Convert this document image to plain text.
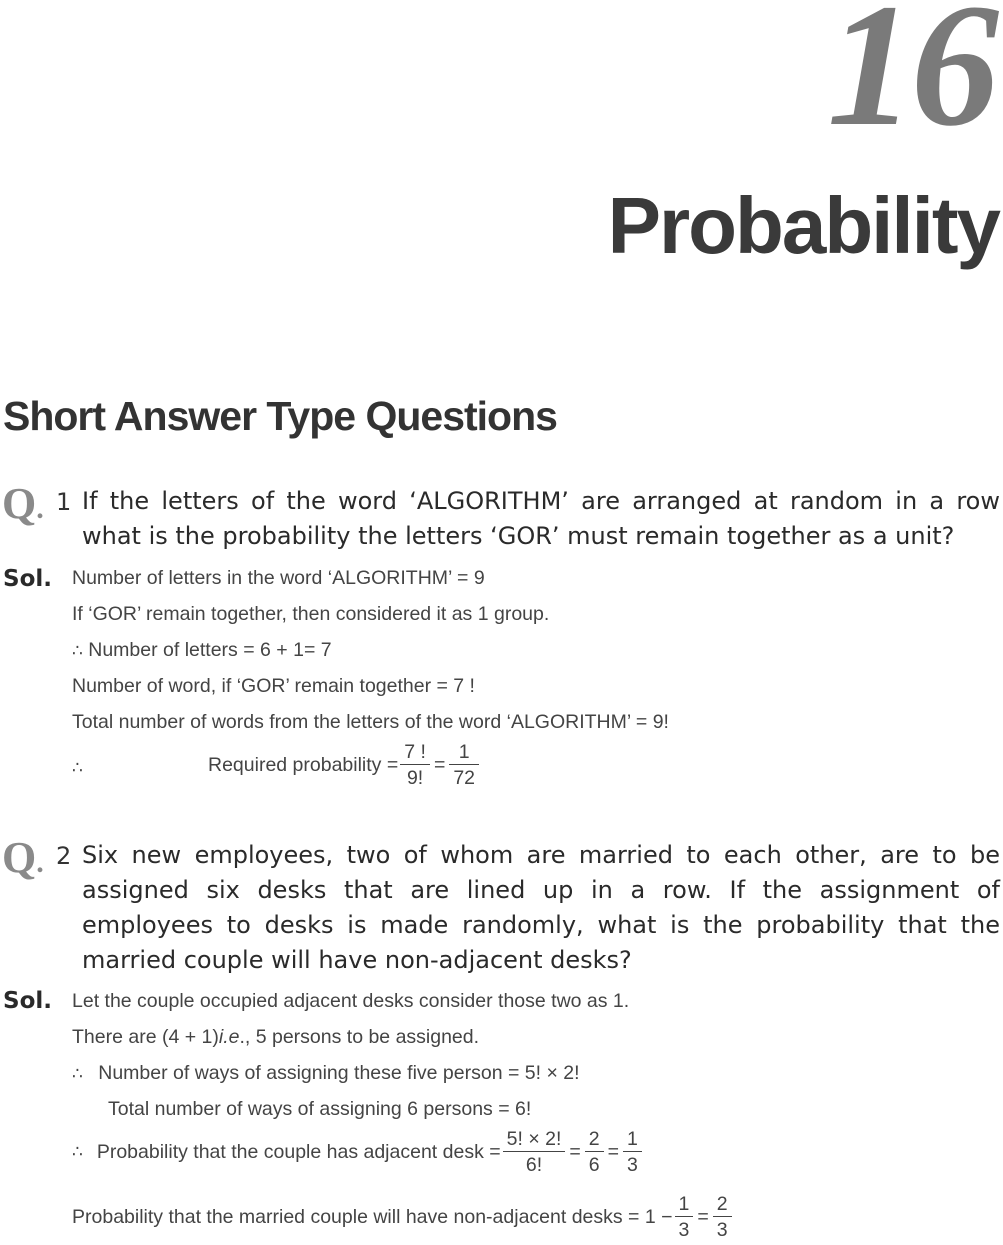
16
Probability
Short Answer Type Questions
Q. 1 If the letters of the word ‘ALGORITHM’ are arranged at random in a row what is the probability the letters ‘GOR’ must remain together as a unit?
Sol. Number of letters in the word ‘ALGORITHM’ = 9
If ‘GOR’ remain together, then considered it as 1 group.
∴ Number of letters = 6 + 1= 7
Number of word, if ‘GOR’ remain together = 7 !
Total number of words from the letters of the word ‘ALGORITHM’ = 9!
∴	Required probability = $\frac{7 !}{9!} = \frac{1}{72}$
Q. 2 Six new employees, two of whom are married to each other, are to be assigned six desks that are lined up in a row. If the assignment of employees to desks is made randomly, what is the probability that the married couple will have non-adjacent desks?
Sol. Let the couple occupied adjacent desks consider those two as 1.
There are (4 + 1)i.e., 5 persons to be assigned.
∴ Number of ways of assigning these five person = 5! × 2!
Total number of ways of assigning 6 persons = 6!
∴ Probability that the couple has adjacent desk = $\frac{5! \times 2!}{6!} = \frac{2}{6} = \frac{1}{3}$
Probability that the married couple will have non-adjacent desks = $1 - \frac{1}{3} = \frac{2}{3}$
